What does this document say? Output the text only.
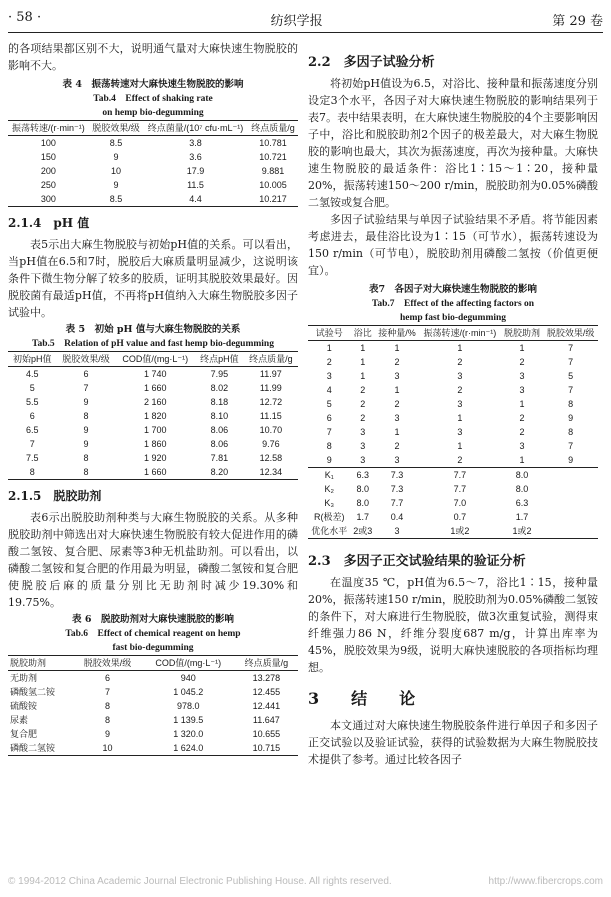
· 58 ·	纺织学报	第 29 卷

的各项结果都区别不大，说明通气量对大麻快速生物脱胶的影响不大。

表 4　振荡转速对大麻快速生物脱胶的影响
Tab.4　Effect of shaking rate
on hemp bio-degumming
振荡转速/(r·min⁻¹)	脱胶效果/级	终点菌量/(10⁷ cfu·mL⁻¹)	终点质量/g
100	8.5	3.8	10.781
150	9	3.6	10.721
200	10	17.9	9.881
250	9	11.5	10.005
300	8.5	4.4	10.217
2.1.4　pH 值

表5示出大麻生物脱胶与初始pH值的关系。可以看出，当pH值在6.5和7时，脱胶后大麻质量明显减少，这说明该条件下微生物分解了较多的胶质，证明其脱胶效果最好。因脱胶菌有最适pH值，不再将pH值纳入大麻生物脱胶多因子试验中。

表 5　初始 pH 值与大麻生物脱胶的关系
Tab.5　Relation of pH value and fast hemp bio-degumming
初始pH值	脱胶效果/级	COD值/(mg·L⁻¹)	终点pH值	终点质量/g
4.5	6	1 740	7.95	11.97
5	7	1 660	8.02	11.99
5.5	9	2 160	8.18	12.72
6	8	1 820	8.10	11.15
6.5	9	1 700	8.06	10.70
7	9	1 860	8.06	9.76
7.5	8	1 920	7.81	12.58
8	8	1 660	8.20	12.34
2.1.5　脱胶助剂

表6示出脱胶助剂种类与大麻生物脱胶的关系。从多种脱胶助剂中筛选出对大麻快速生物脱胶有较大促进作用的磷酸二氢铵、复合肥、尿素等3种无机盐助剂。可以看出，以磷酸二氢铵和复合肥的作用最为明显，磷酸二氢铵和复合肥使脱胶后麻的质量分别比无助剂时减少19.30%和19.75%。

表 6　脱胶助剂对大麻快速脱胶的影响
Tab.6　Effect of chemical reagent on hemp
fast bio-degumming
脱胶助剂	脱胶效果/级	COD值/(mg·L⁻¹)	终点质量/g
无助剂	6	940	13.278
磷酸氢二铵	7	1 045.2	12.455
硫酸铵	8	978.0	12.441
尿素	8	1 139.5	11.647
复合肥	9	1 320.0	10.655
磷酸二氢铵	10	1 624.0	10.715
2.2　多因子试验分析

将初始pH值设为6.5，对浴比、接种量和振荡速度分别设定3个水平，各因子对大麻快速生物脱胶的影响结果列于表7。表中结果表明，在大麻快速生物脱胶的4个主要影响因子中，浴比和脱胶助剂2个因子的极差最大，对大麻生物脱胶的影响也最大，其次为振荡速度，再次为接种量。大麻快速生物脱胶的最适条件：浴比1∶15～1∶20，接种量20%，振荡转速150～200 r/min，脱胶助剂为0.05%磷酸二氢铵或复合肥。

多因子试验结果与单因子试验结果不矛盾。将节能因素考虑进去，最佳浴比设为1∶15（可节水），振荡转速设为150 r/min（可节电），脱胶助剂用磷酸二氢按（价值更便宜）。

表7　各因子对大麻快速生物脱胶的影响
Tab.7　Effect of the affecting factors on
hemp fast bio-degumming
试验号	浴比	接种量/%	振荡转速/(r·min⁻¹)	脱胶助剂	脱胶效果/级
1	1	1	1	1	7
2	1	2	2	2	7
3	1	3	3	3	5
4	2	1	2	3	7
5	2	2	3	1	8
6	2	3	1	2	9
7	3	1	3	2	8
8	3	2	1	3	7
9	3	3	2	1	9
K₁	6.3	7.3	7.7	8.0	
K₂	8.0	7.3	7.7	8.0	
K₃	8.0	7.7	7.0	6.3	
R(极差)	1.7	0.4	0.7	1.7	
优化水平	2或3	3	1或2	1或2	
2.3　多因子正交试验结果的验证分析

在温度35 ℃，pH值为6.5～7，浴比1∶15，接种量20%，振荡转速150 r/min，脱胶助剂为0.05%磷酸二氢铵的条件下，对大麻进行生物脱胶，做3次重复试验，测得束纤维强力86 N，纤维分裂度687 m/g，计算出库率为45%，脱胶效果为9级，说明大麻快速脱胶的各项指标均理想。

3　结　论

本文通过对大麻快速生物脱胶条件进行单因子和多因子正交试验以及验证试验，获得的试验数据为大麻生物脱胶技术提供了参考。通过比较各因子

© 1994-2012 China Academic Journal Electronic Publishing House. All rights reserved.	http://www.fibercrops.com
